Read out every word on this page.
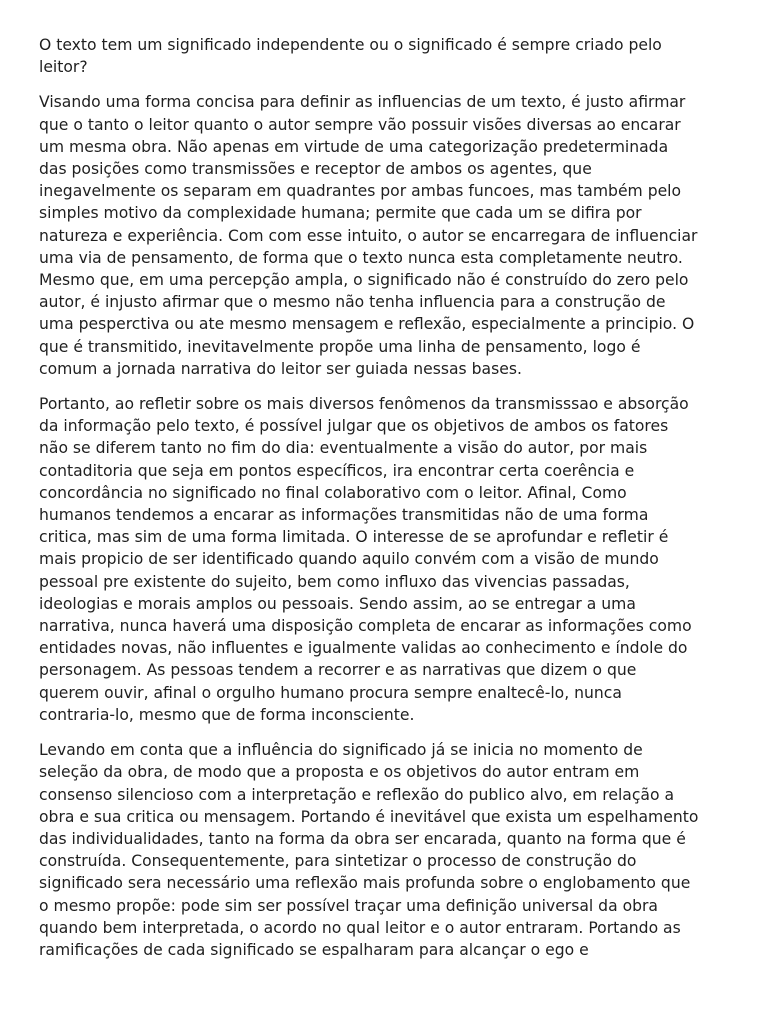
O texto tem um significado independente ou o significado é sempre criado pelo
leitor?
Visando uma forma concisa para definir as influencias de um texto, é justo afirmar
que o tanto o leitor quanto o autor sempre vão possuir visões diversas ao encarar
um mesma obra. Não apenas em virtude de uma categorização predeterminada
das posições como transmissões e receptor de ambos os agentes, que
inegavelmente os separam em quadrantes por ambas funcoes, mas também pelo
simples motivo da complexidade humana; permite que cada um se difira por
natureza e experiência. Com com esse intuito, o autor se encarregara de influenciar
uma via de pensamento, de forma que o texto nunca esta completamente neutro.
Mesmo que, em uma percepção ampla, o significado não é construído do zero pelo
autor, é injusto afirmar que o mesmo não tenha influencia para a construção de
uma pesperctiva ou ate mesmo mensagem e reflexão, especialmente a principio. O
que é transmitido, inevitavelmente propõe uma linha de pensamento, logo é
comum a jornada narrativa do leitor ser guiada nessas bases.
Portanto, ao refletir sobre os mais diversos fenômenos da transmisssao e absorção
da informação pelo texto, é possível julgar que os objetivos de ambos os fatores
não se diferem tanto no fim do dia: eventualmente a visão do autor, por mais
contaditoria que seja em pontos específicos, ira encontrar certa coerência e
concordância no significado no final colaborativo com o leitor. Afinal, Como
humanos tendemos a encarar as informações transmitidas não de uma forma
critica, mas sim de uma forma limitada. O interesse de se aprofundar e refletir é
mais propicio de ser identificado quando aquilo convém com a visão de mundo
pessoal pre existente do sujeito, bem como influxo das vivencias passadas,
ideologias e morais amplos ou pessoais. Sendo assim, ao se entregar a uma
narrativa, nunca haverá uma disposição completa de encarar as informações como
entidades novas, não influentes e igualmente validas ao conhecimento e índole do
personagem. As pessoas tendem a recorrer e as narrativas que dizem o que
querem ouvir, afinal o orgulho humano procura sempre enaltecê-lo, nunca
contraria-lo, mesmo que de forma inconsciente.
Levando em conta que a influência do significado já se inicia no momento de
seleção da obra, de modo que a proposta e os objetivos do autor entram em
consenso silencioso com a interpretação e reflexão do publico alvo, em relação a
obra e sua critica ou mensagem. Portando é inevitável que exista um espelhamento
das individualidades, tanto na forma da obra ser encarada, quanto na forma que é
construída. Consequentemente, para sintetizar o processo de construção do
significado sera necessário uma reflexão mais profunda sobre o englobamento que
o mesmo propõe: pode sim ser possível traçar uma definição universal da obra
quando bem interpretada, o acordo no qual leitor e o autor entraram. Portando as
ramificações de cada significado se espalharam para alcançar o ego e
